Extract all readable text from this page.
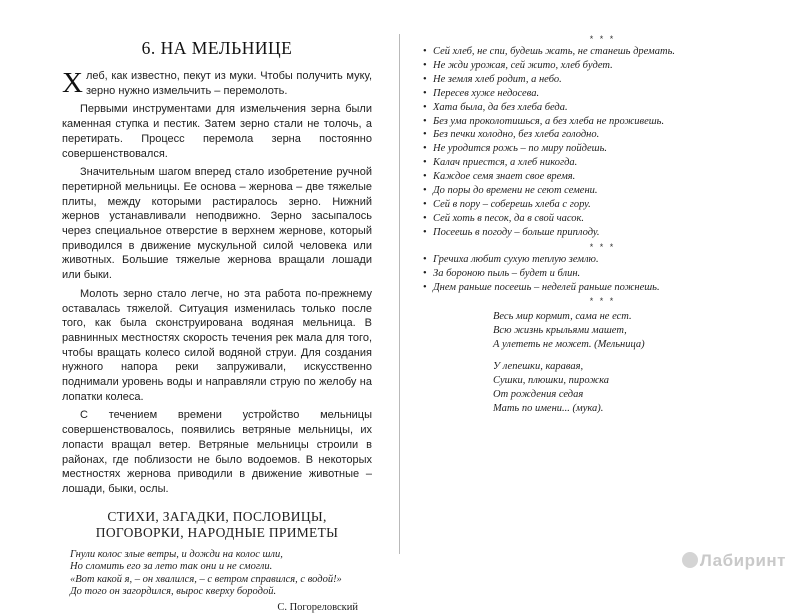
6. НА МЕЛЬНИЦЕ

Хлеб, как известно, пекут из муки. Чтобы получить муку, зерно нужно измельчить – перемолоть.

Первыми инструментами для измельчения зерна были каменная ступка и пестик. Затем зерно стали не толочь, а перетирать. Процесс перемола зерна постоянно совершенствовался.

Значительным шагом вперед стало изобретение ручной перетирной мельницы. Ее основа – жернова – две тяжелые плиты, между которыми растиралось зерно. Нижний жернов устанавливали неподвижно. Зерно засыпалось через специальное отверстие в верхнем жернове, который приводился в движение мускульной силой человека или животных. Большие тяжелые жернова вращали лошади или быки.

Молоть зерно стало легче, но эта работа по-прежнему оставалась тяжелой. Ситуация изменилась только после того, как была сконструирована водяная мельница. В равнинных местностях скорость течения рек мала для того, чтобы вращать колесо силой водяной струи. Для создания нужного напора реки запруживали, искусственно поднимали уровень воды и направляли струю по желобу на лопатки колеса.

С течением времени устройство мельницы совершенствовалось, появились ветряные мельницы, их лопасти вращал ветер. Ветряные мельницы строили в районах, где поблизости не было водоемов. В некоторых местностях жернова приводили в движение животные – лошади, быки, ослы.

СТИХИ, ЗАГАДКИ, ПОСЛОВИЦЫ, ПОГОВОРКИ, НАРОДНЫЕ ПРИМЕТЫ
Гнули колос злые ветры, и дожди на колос шли,
Но сломить его за лето так они и не смогли.
«Вот какой я, – он хвалился, – с ветром справился, с водой!»
До того он загордился, вырос кверху бородой.
С. Погореловский
* * *
• Сей хлеб, не спи, будешь жать, не станешь дремать.
• Не жди урожая, сей жито, хлеб будет.
• Не земля хлеб родит, а небо.
• Пересев хуже недосева.
• Хата была, да без хлеба беда.
• Без ума проколотишься, а без хлеба не проживешь.
• Без печки холодно, без хлеба голодно.
• Не уродится рожь – по миру пойдешь.
• Калач приестся, а хлеб никогда.
• Каждое семя знает свое время.
• До поры до времени не сеют семени.
• Сей в пору – соберешь хлеба с гору.
• Сей хоть в песок, да в свой часок.
• Посеешь в погоду – больше приплоду.
* * *
• Гречиха любит сухую теплую землю.
• За бороною пыль – будет и блин.
• Днем раньше посеешь – неделей раньше пожнешь.
* * *
Весь мир кормит, сама не ест.
Всю жизнь крыльями машет,
А улететь не может. (Мельница)
У лепешки, каравая,
Сушки, плюшки, пирожка
От рождения седая
Мать по имени... (мука).
Лабиринт
